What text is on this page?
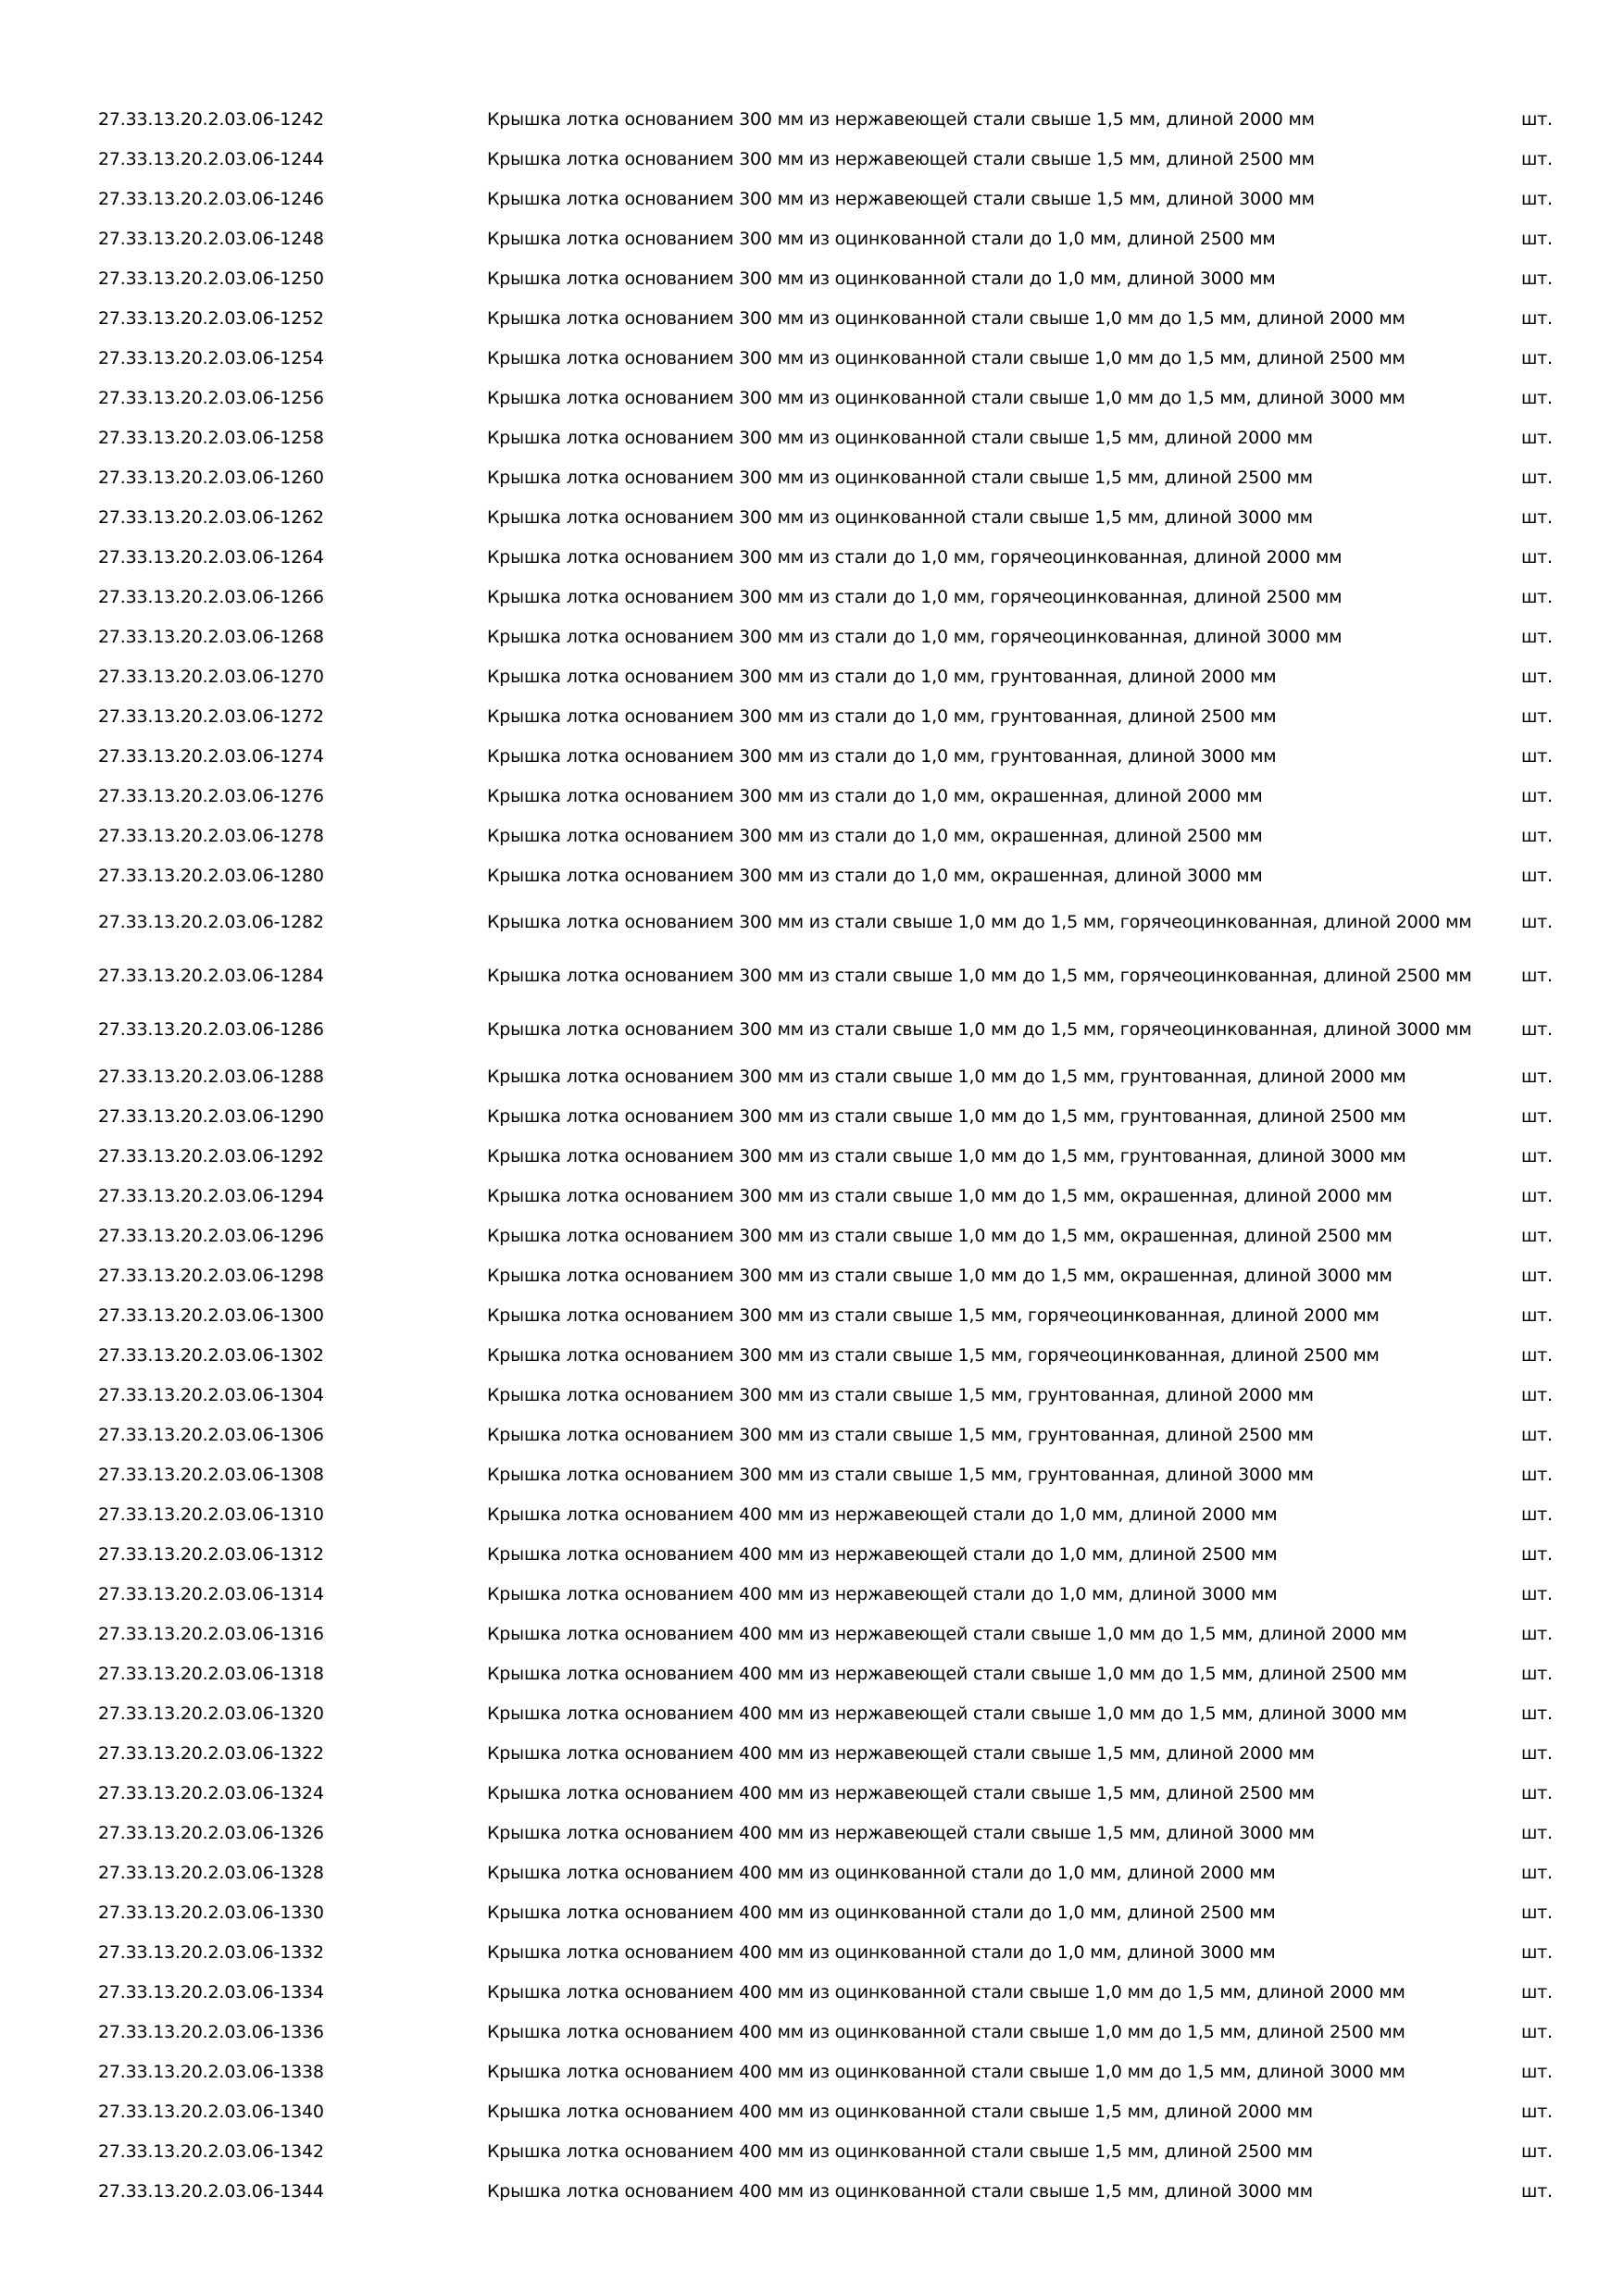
27.33.13.20.2.03.06-1242	Крышка лотка основанием 300 мм из нержавеющей стали свыше 1,5 мм, длиной 2000 мм	шт.
27.33.13.20.2.03.06-1244	Крышка лотка основанием 300 мм из нержавеющей стали свыше 1,5 мм, длиной 2500 мм	шт.
27.33.13.20.2.03.06-1246	Крышка лотка основанием 300 мм из нержавеющей стали свыше 1,5 мм, длиной 3000 мм	шт.
27.33.13.20.2.03.06-1248	Крышка лотка основанием 300 мм из оцинкованной стали до 1,0 мм, длиной 2500 мм	шт.
27.33.13.20.2.03.06-1250	Крышка лотка основанием 300 мм из оцинкованной стали до 1,0 мм, длиной 3000 мм	шт.
27.33.13.20.2.03.06-1252	Крышка лотка основанием 300 мм из оцинкованной стали свыше 1,0 мм до 1,5 мм, длиной 2000 мм	шт.
27.33.13.20.2.03.06-1254	Крышка лотка основанием 300 мм из оцинкованной стали свыше 1,0 мм до 1,5 мм, длиной 2500 мм	шт.
27.33.13.20.2.03.06-1256	Крышка лотка основанием 300 мм из оцинкованной стали свыше 1,0 мм до 1,5 мм, длиной 3000 мм	шт.
27.33.13.20.2.03.06-1258	Крышка лотка основанием 300 мм из оцинкованной стали свыше 1,5 мм, длиной 2000 мм	шт.
27.33.13.20.2.03.06-1260	Крышка лотка основанием 300 мм из оцинкованной стали свыше 1,5 мм, длиной 2500 мм	шт.
27.33.13.20.2.03.06-1262	Крышка лотка основанием 300 мм из оцинкованной стали свыше 1,5 мм, длиной 3000 мм	шт.
27.33.13.20.2.03.06-1264	Крышка лотка основанием 300 мм из стали до 1,0 мм, горячеоцинкованная, длиной 2000 мм	шт.
27.33.13.20.2.03.06-1266	Крышка лотка основанием 300 мм из стали до 1,0 мм, горячеоцинкованная, длиной 2500 мм	шт.
27.33.13.20.2.03.06-1268	Крышка лотка основанием 300 мм из стали до 1,0 мм, горячеоцинкованная, длиной 3000 мм	шт.
27.33.13.20.2.03.06-1270	Крышка лотка основанием 300 мм из стали до 1,0 мм, грунтованная, длиной 2000 мм	шт.
27.33.13.20.2.03.06-1272	Крышка лотка основанием 300 мм из стали до 1,0 мм, грунтованная, длиной 2500 мм	шт.
27.33.13.20.2.03.06-1274	Крышка лотка основанием 300 мм из стали до 1,0 мм, грунтованная, длиной 3000 мм	шт.
27.33.13.20.2.03.06-1276	Крышка лотка основанием 300 мм из стали до 1,0 мм, окрашенная, длиной 2000 мм	шт.
27.33.13.20.2.03.06-1278	Крышка лотка основанием 300 мм из стали до 1,0 мм, окрашенная, длиной 2500 мм	шт.
27.33.13.20.2.03.06-1280	Крышка лотка основанием 300 мм из стали до 1,0 мм, окрашенная, длиной 3000 мм	шт.
27.33.13.20.2.03.06-1282	Крышка лотка основанием 300 мм из стали свыше 1,0 мм до 1,5 мм, горячеоцинкованная, длиной 2000 мм	шт.
27.33.13.20.2.03.06-1284	Крышка лотка основанием 300 мм из стали свыше 1,0 мм до 1,5 мм, горячеоцинкованная, длиной 2500 мм	шт.
27.33.13.20.2.03.06-1286	Крышка лотка основанием 300 мм из стали свыше 1,0 мм до 1,5 мм, горячеоцинкованная, длиной 3000 мм	шт.
27.33.13.20.2.03.06-1288	Крышка лотка основанием 300 мм из стали свыше 1,0 мм до 1,5 мм, грунтованная, длиной 2000 мм	шт.
27.33.13.20.2.03.06-1290	Крышка лотка основанием 300 мм из стали свыше 1,0 мм до 1,5 мм, грунтованная, длиной 2500 мм	шт.
27.33.13.20.2.03.06-1292	Крышка лотка основанием 300 мм из стали свыше 1,0 мм до 1,5 мм, грунтованная, длиной 3000 мм	шт.
27.33.13.20.2.03.06-1294	Крышка лотка основанием 300 мм из стали свыше 1,0 мм до 1,5 мм, окрашенная, длиной 2000 мм	шт.
27.33.13.20.2.03.06-1296	Крышка лотка основанием 300 мм из стали свыше 1,0 мм до 1,5 мм, окрашенная, длиной 2500 мм	шт.
27.33.13.20.2.03.06-1298	Крышка лотка основанием 300 мм из стали свыше 1,0 мм до 1,5 мм, окрашенная, длиной 3000 мм	шт.
27.33.13.20.2.03.06-1300	Крышка лотка основанием 300 мм из стали свыше 1,5 мм, горячеоцинкованная, длиной 2000 мм	шт.
27.33.13.20.2.03.06-1302	Крышка лотка основанием 300 мм из стали свыше 1,5 мм, горячеоцинкованная, длиной 2500 мм	шт.
27.33.13.20.2.03.06-1304	Крышка лотка основанием 300 мм из стали свыше 1,5 мм, грунтованная, длиной 2000 мм	шт.
27.33.13.20.2.03.06-1306	Крышка лотка основанием 300 мм из стали свыше 1,5 мм, грунтованная, длиной 2500 мм	шт.
27.33.13.20.2.03.06-1308	Крышка лотка основанием 300 мм из стали свыше 1,5 мм, грунтованная, длиной 3000 мм	шт.
27.33.13.20.2.03.06-1310	Крышка лотка основанием 400 мм из нержавеющей стали до 1,0 мм, длиной 2000 мм	шт.
27.33.13.20.2.03.06-1312	Крышка лотка основанием 400 мм из нержавеющей стали до 1,0 мм, длиной 2500 мм	шт.
27.33.13.20.2.03.06-1314	Крышка лотка основанием 400 мм из нержавеющей стали до 1,0 мм, длиной 3000 мм	шт.
27.33.13.20.2.03.06-1316	Крышка лотка основанием 400 мм из нержавеющей стали свыше 1,0 мм до 1,5 мм, длиной 2000 мм	шт.
27.33.13.20.2.03.06-1318	Крышка лотка основанием 400 мм из нержавеющей стали свыше 1,0 мм до 1,5 мм, длиной 2500 мм	шт.
27.33.13.20.2.03.06-1320	Крышка лотка основанием 400 мм из нержавеющей стали свыше 1,0 мм до 1,5 мм, длиной 3000 мм	шт.
27.33.13.20.2.03.06-1322	Крышка лотка основанием 400 мм из нержавеющей стали свыше 1,5 мм, длиной 2000 мм	шт.
27.33.13.20.2.03.06-1324	Крышка лотка основанием 400 мм из нержавеющей стали свыше 1,5 мм, длиной 2500 мм	шт.
27.33.13.20.2.03.06-1326	Крышка лотка основанием 400 мм из нержавеющей стали свыше 1,5 мм, длиной 3000 мм	шт.
27.33.13.20.2.03.06-1328	Крышка лотка основанием 400 мм из оцинкованной стали до 1,0 мм, длиной 2000 мм	шт.
27.33.13.20.2.03.06-1330	Крышка лотка основанием 400 мм из оцинкованной стали до 1,0 мм, длиной 2500 мм	шт.
27.33.13.20.2.03.06-1332	Крышка лотка основанием 400 мм из оцинкованной стали до 1,0 мм, длиной 3000 мм	шт.
27.33.13.20.2.03.06-1334	Крышка лотка основанием 400 мм из оцинкованной стали свыше 1,0 мм до 1,5 мм, длиной 2000 мм	шт.
27.33.13.20.2.03.06-1336	Крышка лотка основанием 400 мм из оцинкованной стали свыше 1,0 мм до 1,5 мм, длиной 2500 мм	шт.
27.33.13.20.2.03.06-1338	Крышка лотка основанием 400 мм из оцинкованной стали свыше 1,0 мм до 1,5 мм, длиной 3000 мм	шт.
27.33.13.20.2.03.06-1340	Крышка лотка основанием 400 мм из оцинкованной стали свыше 1,5 мм, длиной 2000 мм	шт.
27.33.13.20.2.03.06-1342	Крышка лотка основанием 400 мм из оцинкованной стали свыше 1,5 мм, длиной 2500 мм	шт.
27.33.13.20.2.03.06-1344	Крышка лотка основанием 400 мм из оцинкованной стали свыше 1,5 мм, длиной 3000 мм	шт.
